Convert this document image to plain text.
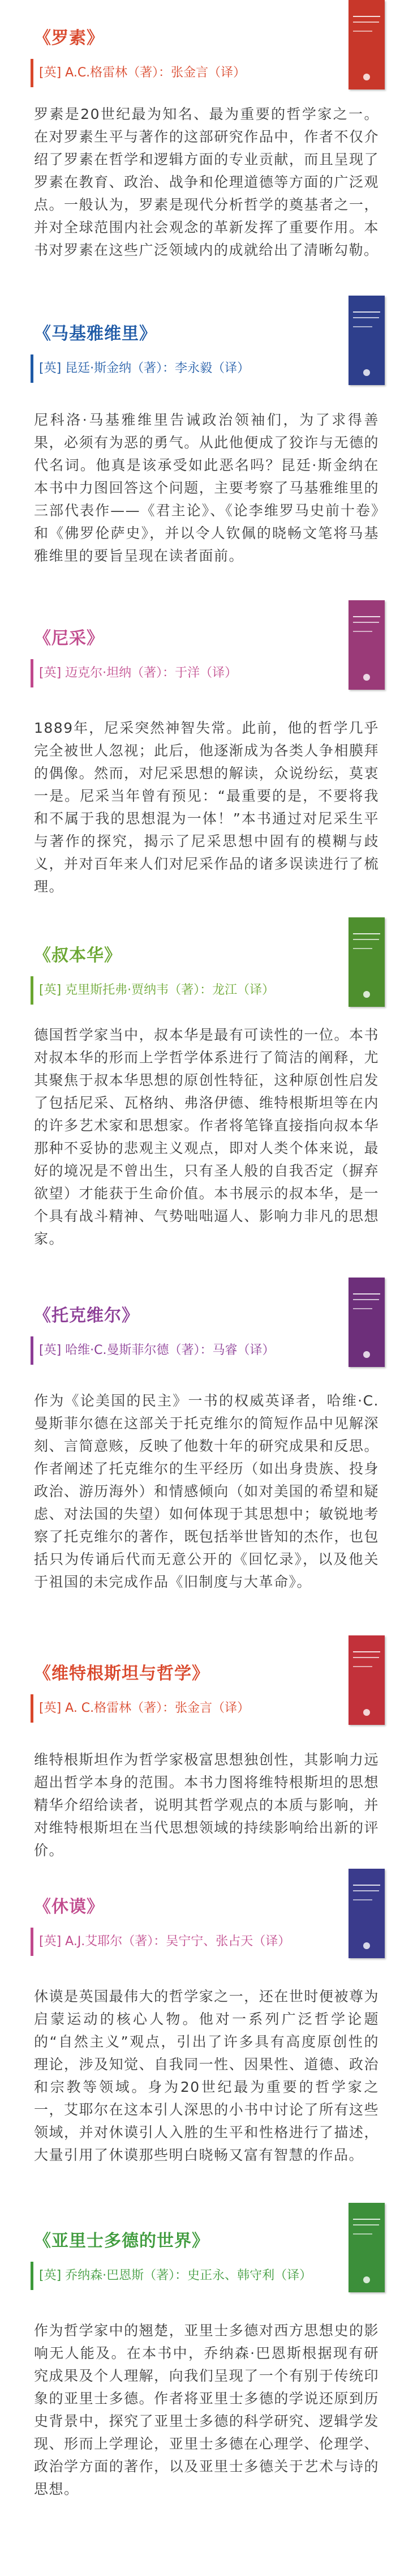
《罗素》
[英] A.C.格雷林（著）：张金言（译）

罗素是20世纪最为知名、最为重要的哲学家之一。在对罗素生平与著作的这部研究作品中，作者不仅介绍了罗素在哲学和逻辑方面的专业贡献，而且呈现了罗素在教育、政治、战争和伦理道德等方面的广泛观点。一般认为，罗素是现代分析哲学的奠基者之一，并对全球范围内社会观念的革新发挥了重要作用。本书对罗素在这些广泛领域内的成就给出了清晰勾勒。

《马基雅维里》
[英] 昆廷·斯金纳（著）：李永毅（译）

尼科洛·马基雅维里告诫政治领袖们，为了求得善果，必须有为恶的勇气。从此他便成了狡诈与无德的代名词。他真是该承受如此恶名吗？昆廷·斯金纳在本书中力图回答这个问题，主要考察了马基雅维里的三部代表作——《君主论》、《论李维罗马史前十卷》和《佛罗伦萨史》，并以令人钦佩的晓畅文笔将马基雅维里的要旨呈现在读者面前。

《尼采》
[英] 迈克尔·坦纳（著）：于洋（译）

1889年，尼采突然神智失常。此前，他的哲学几乎完全被世人忽视；此后，他逐渐成为各类人争相膜拜的偶像。然而，对尼采思想的解读，众说纷纭，莫衷一是。尼采当年曾有预见：“最重要的是，不要将我和不属于我的思想混为一体！”本书通过对尼采生平与著作的探究，揭示了尼采思想中固有的模糊与歧义，并对百年来人们对尼采作品的诸多误读进行了梳理。

《叔本华》
[英] 克里斯托弗·贾纳韦（著）：龙江（译）

德国哲学家当中，叔本华是最有可读性的一位。本书对叔本华的形而上学哲学体系进行了简洁的阐释，尤其聚焦于叔本华思想的原创性特征，这种原创性启发了包括尼采、瓦格纳、弗洛伊德、维特根斯坦等在内的许多艺术家和思想家。作者将笔锋直接指向叔本华那种不妥协的悲观主义观点，即对人类个体来说，最好的境况是不曾出生，只有圣人般的自我否定（摒弃欲望）才能获于生命价值。本书展示的叔本华，是一个具有战斗精神、气势咄咄逼人、影响力非凡的思想家。

《托克维尔》
[英] 哈维·C.曼斯菲尔德（著）：马睿（译）

作为《论美国的民主》一书的权威英译者，哈维·C.曼斯菲尔德在这部关于托克维尔的简短作品中见解深刻、言简意赅，反映了他数十年的研究成果和反思。作者阐述了托克维尔的生平经历（如出身贵族、投身政治、游历海外）和情感倾向（如对美国的希望和疑虑、对法国的失望）如何体现于其思想中；敏锐地考察了托克维尔的著作，既包括举世皆知的杰作，也包括只为传诵后代而无意公开的《回忆录》，以及他关于祖国的未完成作品《旧制度与大革命》。

《维特根斯坦与哲学》
[英] A. C.格雷林（著）：张金言（译）

维特根斯坦作为哲学家极富思想独创性，其影响力远超出哲学本身的范围。本书力图将维特根斯坦的思想精华介绍给读者，说明其哲学观点的本质与影响，并对维特根斯坦在当代思想领域的持续影响给出新的评价。

《休谟》
[英] A.J.艾耶尔（著）：吴宁宁、张占天（译）

休谟是英国最伟大的哲学家之一，还在世时便被尊为启蒙运动的核心人物。他对一系列广泛哲学论题的“自然主义”观点，引出了许多具有高度原创性的理论，涉及知觉、自我同一性、因果性、道德、政治和宗教等领域。身为20世纪最为重要的哲学家之一，艾耶尔在这本引人深思的小书中讨论了所有这些领域，并对休谟引人入胜的生平和性格进行了描述，大量引用了休谟那些明白晓畅又富有智慧的作品。

《亚里士多德的世界》
[英] 乔纳森·巴恩斯（著）：史正永、韩守利（译）

作为哲学家中的翘楚，亚里士多德对西方思想史的影响无人能及。在本书中，乔纳森·巴恩斯根据现有研究成果及个人理解，向我们呈现了一个有别于传统印象的亚里士多德。作者将亚里士多德的学说还原到历史背景中，探究了亚里士多德的科学研究、逻辑学发现、形而上学理论，亚里士多德在心理学、伦理学、政治学方面的著作，以及亚里士多德关于艺术与诗的思想。
